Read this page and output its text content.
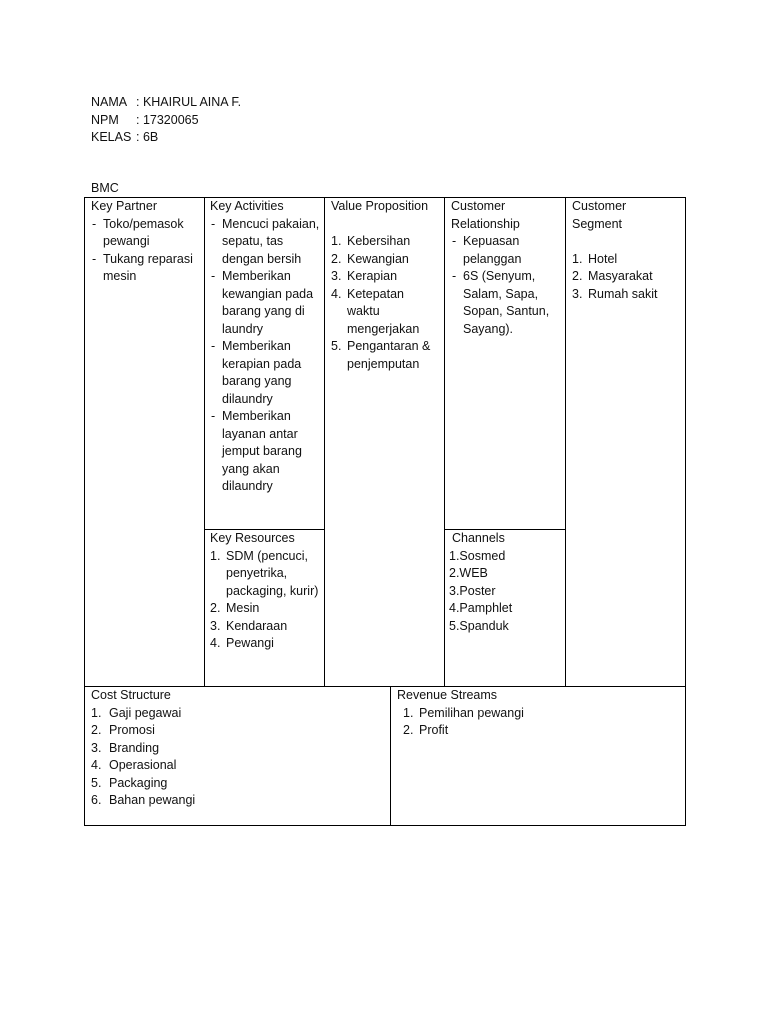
NAMA : KHAIRUL AINA F.
NPM : 17320065
KELAS : 6B
BMC
Key Partner
- Toko/pemasok pewangi
- Tukang reparasi mesin
Key Activities
- Mencuci pakaian, sepatu, tas dengan bersih
- Memberikan kewangian pada barang yang di laundry
- Memberikan kerapian pada barang yang dilaundry
- Memberikan layanan antar jemput barang yang akan dilaundry
Key Resources
1. SDM (pencuci, penyetrika, packaging, kurir)
2. Mesin
3. Kendaraan
4. Pewangi
Value Proposition
1. Kebersihan
2. Kewangian
3. Kerapian
4. Ketepatan waktu mengerjakan
5. Pengantaran & penjemputan
Customer Relationship
- Kepuasan pelanggan
- 6S (Senyum, Salam, Sapa, Sopan, Santun, Sayang).
Channels
1.Sosmed
2.WEB
3.Poster
4.Pamphlet
5.Spanduk
Customer Segment
1. Hotel
2. Masyarakat
3. Rumah sakit
Cost Structure
1. Gaji pegawai
2. Promosi
3. Branding
4. Operasional
5. Packaging
6. Bahan pewangi
Revenue Streams
1. Pemilihan pewangi
2. Profit
